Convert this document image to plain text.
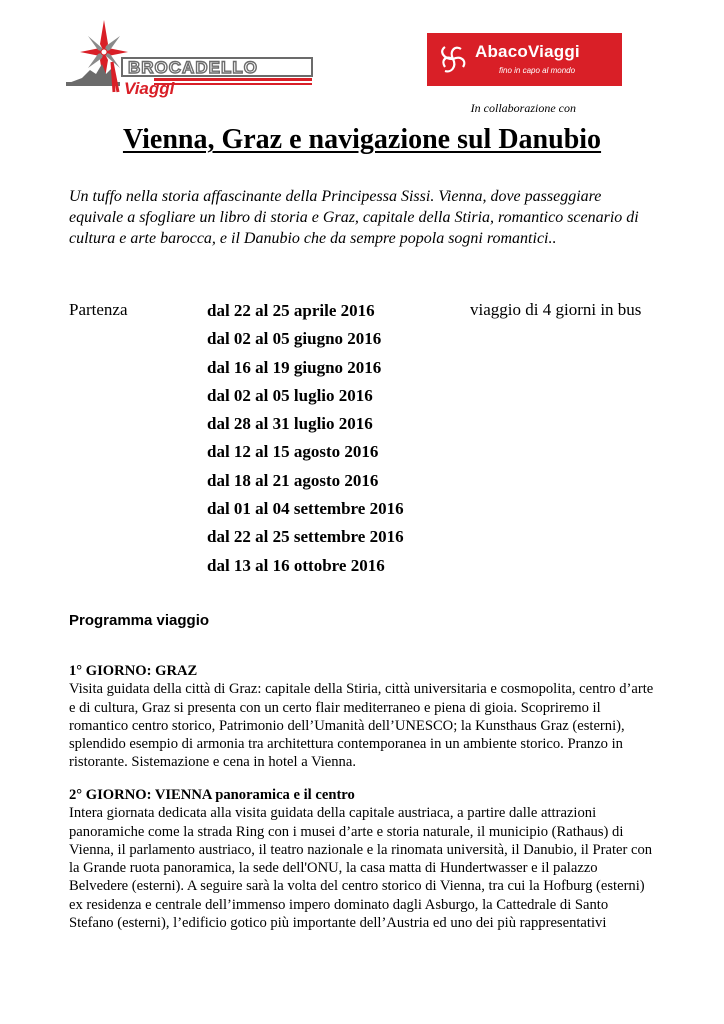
BROCADELLO
Viaggi
AbacoViaggi
fino in capo al mondo
In collaborazione con
Vienna, Graz e navigazione sul Danubio
Un tuffo nella storia affascinante della Principessa Sissi. Vienna, dove passeggiare equivale a sfogliare un libro di storia e Graz, capitale della Stiria, romantico scenario di cultura e arte barocca, e il Danubio che da sempre popola sogni romantici..
Partenza	dal 22 al 25 aprile 2016
dal 02 al 05 giugno 2016
dal 16 al 19 giugno 2016
dal 02 al 05 luglio 2016
dal 28 al 31 luglio 2016
dal 12 al 15 agosto 2016
dal 18 al 21 agosto 2016
dal 01 al 04 settembre 2016
dal 22 al 25 settembre 2016
dal 13 al 16 ottobre 2016
viaggio di 4 giorni in bus
Programma viaggio
1° GIORNO: GRAZ
Visita guidata della città di Graz: capitale della Stiria, città universitaria e cosmopolita, centro d’arte
e di cultura, Graz si presenta con un certo flair mediterraneo e piena di gioia. Scopriremo il
romantico centro storico, Patrimonio dell’Umanità dell’UNESCO; la Kunsthaus Graz (esterni),
splendido esempio di armonia tra architettura contemporanea in un ambiente storico. Pranzo in
ristorante. Sistemazione e cena in hotel a Vienna.
2° GIORNO: VIENNA panoramica e il centro
Intera giornata dedicata alla visita guidata della capitale austriaca, a partire dalle attrazioni
panoramiche come la strada Ring con i musei d’arte e storia naturale, il municipio (Rathaus) di
Vienna, il parlamento austriaco, il teatro nazionale e la rinomata università, il Danubio, il Prater con
la Grande ruota panoramica, la sede dell'ONU, la casa matta di Hundertwasser e il palazzo
Belvedere (esterni). A seguire sarà la volta del centro storico di Vienna, tra cui la Hofburg (esterni)
ex residenza e centrale dell’immenso impero dominato dagli Asburgo, la Cattedrale di Santo
Stefano (esterni), l’edificio gotico più importante dell’Austria ed uno dei più rappresentativi
